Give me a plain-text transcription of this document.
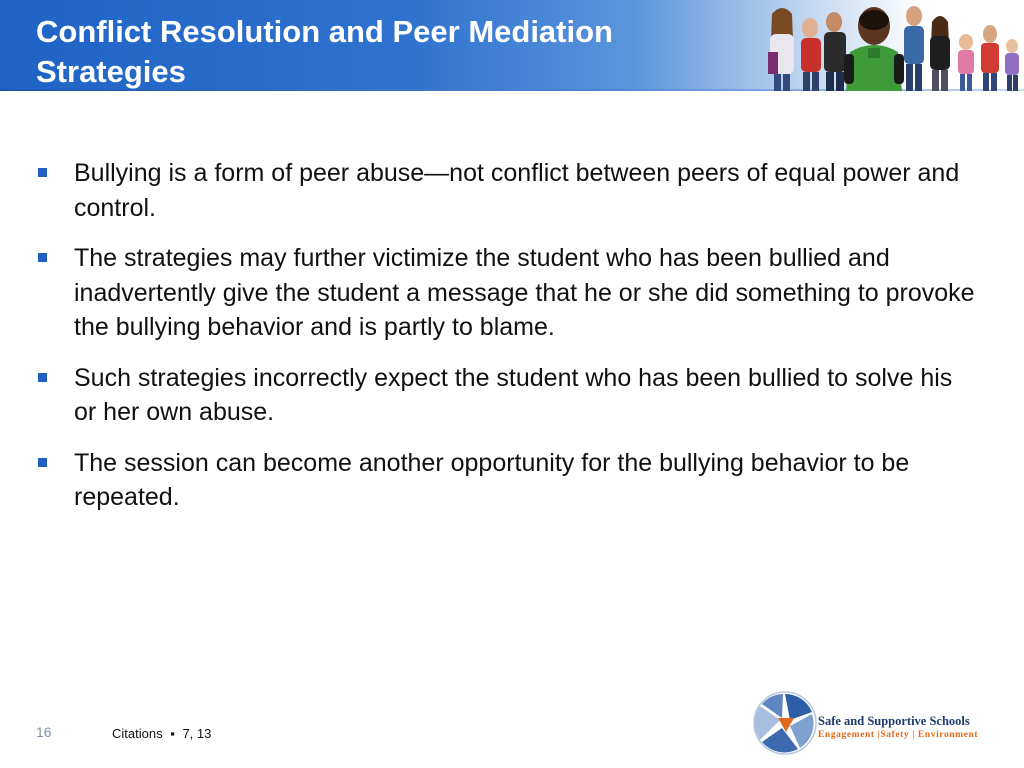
Conflict Resolution and Peer Mediation
Strategies
Bullying is a form of peer abuse—not conflict between peers of equal power and control.
The strategies may further victimize the student who has been bullied and inadvertently give the student a message that he or she did something to provoke the bullying behavior and is partly to blame.
Such strategies incorrectly expect the student who has been bullied to solve his or her own abuse.
The session can become another opportunity for the bullying behavior to be repeated.
16	Citations ▪ 7, 13
Safe and Supportive Schools
Engagement |Safety | Environment
